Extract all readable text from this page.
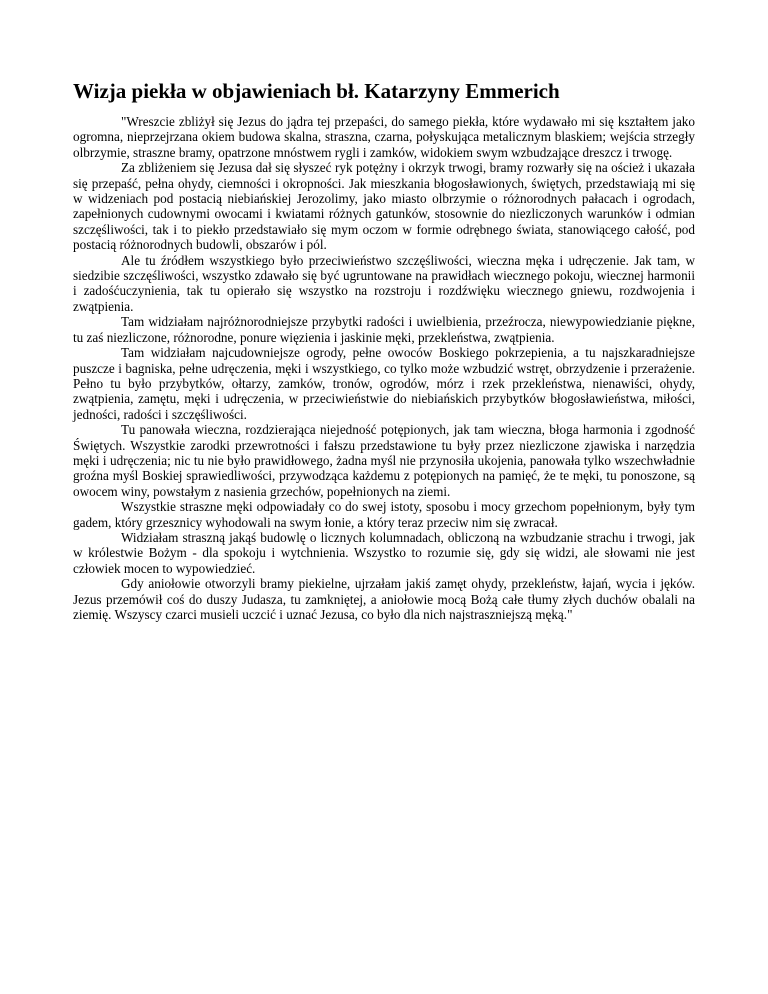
Wizja piekła w objawieniach bł. Katarzyny Emmerich

"Wreszcie zbliżył się Jezus do jądra tej przepaści, do samego piekła, które wydawało mi się kształtem jako ogromna, nieprzejrzana okiem budowa skalna, straszna, czarna, połyskująca metalicznym blaskiem; wejścia strzegły olbrzymie, straszne bramy, opatrzone mnóstwem rygli i zamków, widokiem swym wzbudzające dreszcz i trwogę.

Za zbliżeniem się Jezusa dał się słyszeć ryk potężny i okrzyk trwogi, bramy rozwarły się na oścież i ukazała się przepaść, pełna ohydy, ciemności i okropności. Jak mieszkania błogosławionych, świętych, przedstawiają mi się w widzeniach pod postacią niebiańskiej Jerozolimy, jako miasto olbrzymie o różnorodnych pałacach i ogrodach, zapełnionych cudownymi owocami i kwiatami różnych gatunków, stosownie do niezliczonych warunków i odmian szczęśliwości, tak i to piekło przedstawiało się mym oczom w formie odrębnego świata, stanowiącego całość, pod postacią różnorodnych budowli, obszarów i pól.

Ale tu źródłem wszystkiego było przeciwieństwo szczęśliwości, wieczna męka i udręczenie. Jak tam, w siedzibie szczęśliwości, wszystko zdawało się być ugruntowane na prawidłach wiecznego pokoju, wiecznej harmonii i zadośćuczynienia, tak tu opierało się wszystko na rozstroju i rozdźwięku wiecznego gniewu, rozdwojenia i zwątpienia.

Tam widziałam najróżnorodniejsze przybytki radości i uwielbienia, przeźrocza, niewypowiedzianie piękne, tu zaś niezliczone, różnorodne, ponure więzienia i jaskinie męki, przekleństwa, zwątpienia.

Tam widziałam najcudowniejsze ogrody, pełne owoców Boskiego pokrzepienia, a tu najszkaradniejsze puszcze i bagniska, pełne udręczenia, męki i wszystkiego, co tylko może wzbudzić wstręt, obrzydzenie i przerażenie. Pełno tu było przybytków, ołtarzy, zamków, tronów, ogrodów, mórz i rzek przekleństwa, nienawiści, ohydy, zwątpienia, zamętu, męki i udręczenia, w przeciwieństwie do niebiańskich przybytków błogosławieństwa, miłości, jedności, radości i szczęśliwości.

Tu panowała wieczna, rozdzierająca niejedność potępionych, jak tam wieczna, błoga harmonia i zgodność Świętych. Wszystkie zarodki przewrotności i fałszu przedstawione tu były przez niezliczone zjawiska i narzędzia męki i udręczenia; nic tu nie było prawidłowego, żadna myśl nie przynosiła ukojenia, panowała tylko wszechwładnie groźna myśl Boskiej sprawiedliwości, przywodząca każdemu z potępionych na pamięć, że te męki, tu ponoszone, są owocem winy, powstałym z nasienia grzechów, popełnionych na ziemi.

Wszystkie straszne męki odpowiadały co do swej istoty, sposobu i mocy grzechom popełnionym, były tym gadem, który grzesznicy wyhodowali na swym łonie, a który teraz przeciw nim się zwracał.

Widziałam straszną jakąś budowlę o licznych kolumnadach, obliczoną na wzbudzanie strachu i trwogi, jak w królestwie Bożym - dla spokoju i wytchnienia. Wszystko to rozumie się, gdy się widzi, ale słowami nie jest człowiek mocen to wypowiedzieć.

Gdy aniołowie otworzyli bramy piekielne, ujrzałam jakiś zamęt ohydy, przekleństw, łajań, wycia i jęków. Jezus przemówił coś do duszy Judasza, tu zamkniętej, a aniołowie mocą Bożą całe tłumy złych duchów obalali na ziemię. Wszyscy czarci musieli uczcić i uznać Jezusa, co było dla nich najstraszniejszą męką."
